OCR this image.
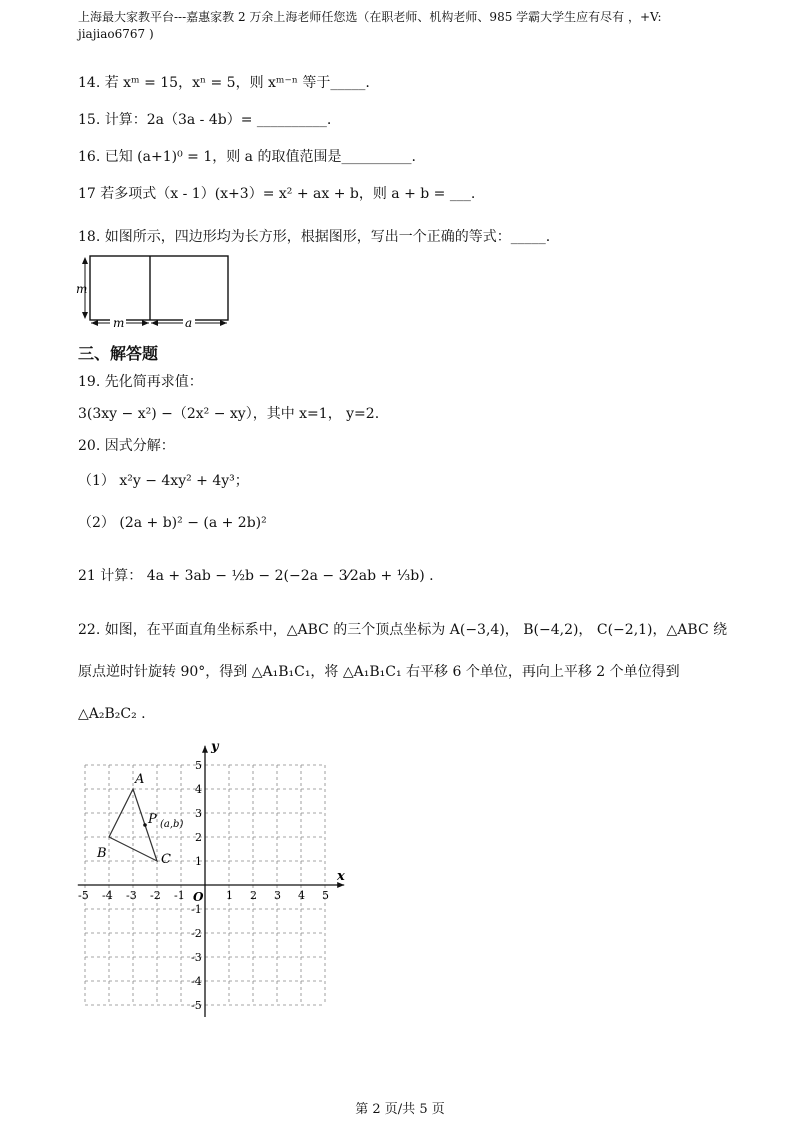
上海最大家教平台---嘉惠家教 2 万余上海老师任您选（在职老师、机构老师、985 学霸大学生应有尽有 ，+V:
jiajiao6767 )
14. 若 xᵐ = 15，xⁿ = 5，则 xᵐ⁻ⁿ 等于_____.
15. 计算：2a（3a - 4b）= __________.
16. 已知 (a+1)⁰ = 1，则 a 的取值范围是__________.
17 若多项式（x - 1）(x+3）= x² + ax + b，则 a + b = ___.
18. 如图所示，四边形均为长方形，根据图形，写出一个正确的等式：_____.
m
m	a
三、解答题
19. 先化简再求值：
3(3xy − x²) −（2x² − xy），其中 x=1， y=2.
20. 因式分解：
（1） x²y − 4xy² + 4y³；
（2） (2a + b)² − (a + 2b)²
21 计算： 4a + 3ab − ½b − 2(−2a − 3⁄2ab + ⅓b) .
22. 如图，在平面直角坐标系中，△ABC 的三个顶点坐标为 A(−3,4)， B(−4,2)， C(−2,1)，△ABC 绕
原点逆时针旋转 90°，得到 △A₁B₁C₁，将 △A₁B₁C₁ 右平移 6 个单位，再向上平移 2 个单位得到
△A₂B₂C₂ .
x
y
O
-5 -4 -3 -2 -1	1 2 3 4 5
5
4
3
2
1
-1
-2
-3
-4
-5
A
B	C
P (a,b)
第 2 页/共 5 页
